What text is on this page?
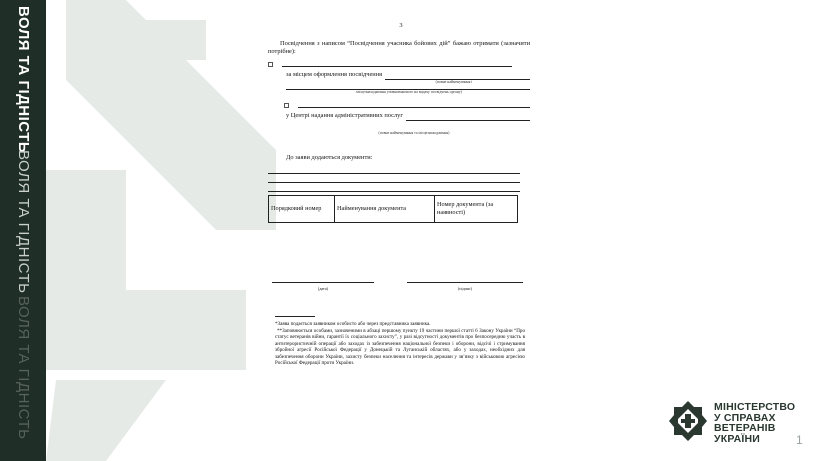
ВОЛЯ ТА ГІДНІСТЬ
ВОЛЯ ТА ГІДНІСТЬ
ВОЛЯ ТА ГІДНІСТЬ
3

Посвідчення з написом “Посвідчення учасника бойових дій” бажаю отримати (зазначити потрібне):

за місцем оформлення посвідчення
(повне найменування і
місцезнаходження уповноваженого на видачу посвідчень органу)
у Центрі надання адміністративних послуг
(повне найменування та місцезнаходження)
До заяви додаються документи:
Порядковий номер	Найменування документа	Номер документа (за наявності)
(дата)	(підпис)

*Заява подається заявником особисто або через представника заявника.

**Заповнюється особами, зазначеними в абзаці першому пункту 19 частини першої статті 6 Закону України “Про статус ветеранів війни, гарантії їх соціального захисту”, у разі відсутності документів про безпосередню участь в антитерористичній операції або заходах із забезпечення національної безпеки і оборони, відсічі і стримування збройної агресії Російської Федерації у Донецькій та Луганській областях, або у заходах, необхідних для забезпечення оборони України, захисту безпеки населення та інтересів держави у зв’язку з військовою агресією Російської Федерації проти України.

МІНІСТЕРСТВО
У СПРАВАХ
ВЕТЕРАНІВ
УКРАЇНИ	1
